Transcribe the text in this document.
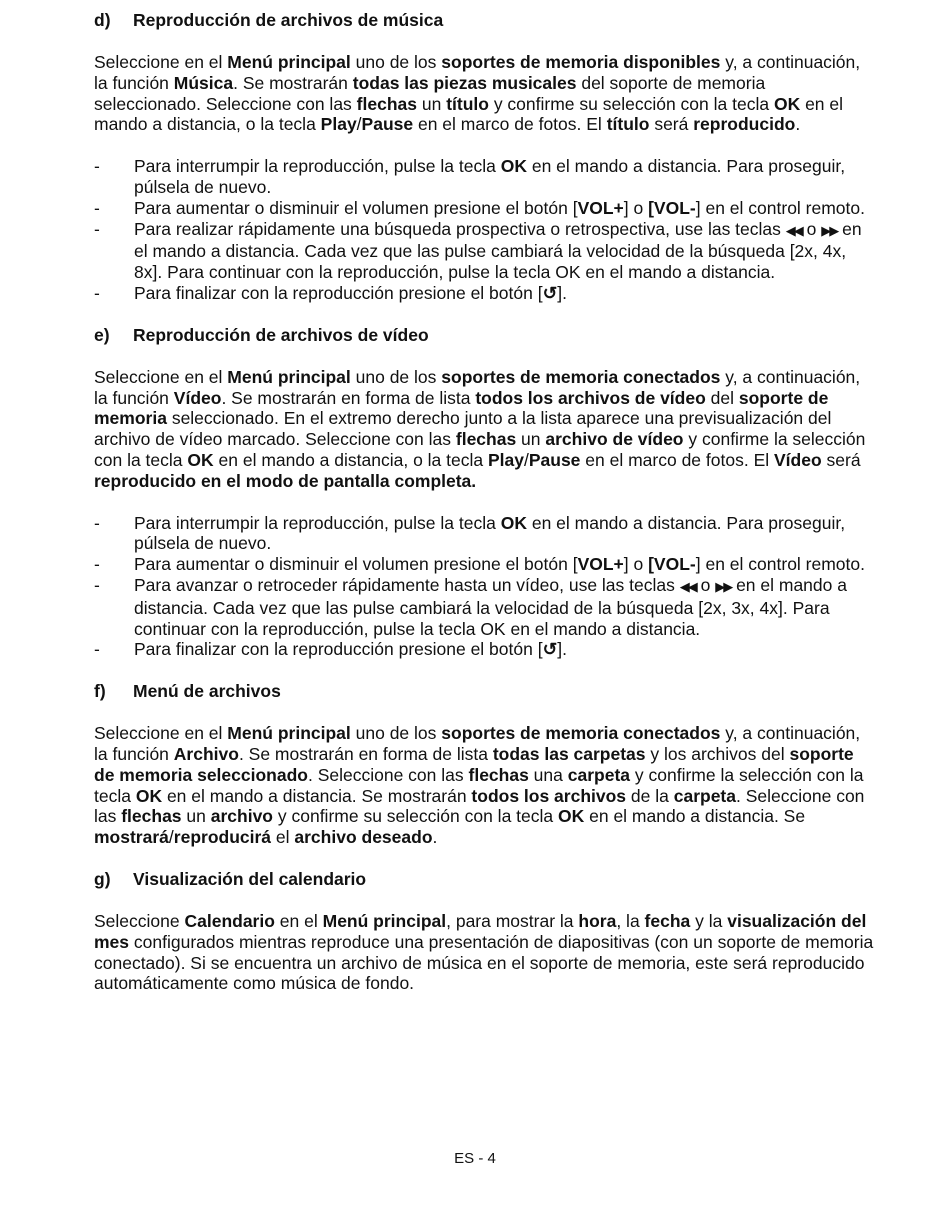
d)	Reproducción de archivos de música

Seleccione en el Menú principal uno de los soportes de memoria disponibles y, a continuación, la función Música. Se mostrarán todas las piezas musicales del soporte de memoria seleccionado. Seleccione con las flechas un título y confirme su selección con la tecla OK en el mando a distancia, o la tecla Play/Pause en el marco de fotos. El título será reproducido.

-	Para interrumpir la reproducción, pulse la tecla OK en el mando a distancia. Para proseguir, púlsela de nuevo.
-	Para aumentar o disminuir el volumen presione el botón [VOL+] o [VOL-] en el control remoto.
-	Para realizar rápidamente una búsqueda prospectiva o retrospectiva, use las teclas ◀◀ o ▶▶ en el mando a distancia. Cada vez que las pulse cambiará la velocidad de la búsqueda [2x, 4x, 8x]. Para continuar con la reproducción, pulse la tecla OK en el mando a distancia.
-	Para finalizar con la reproducción presione el botón [↺].
e)	Reproducción de archivos de vídeo

Seleccione en el Menú principal uno de los soportes de memoria conectados y, a continuación, la función Vídeo. Se mostrarán en forma de lista todos los archivos de vídeo del soporte de memoria seleccionado. En el extremo derecho junto a la lista aparece una previsualización del archivo de vídeo marcado. Seleccione con las flechas un archivo de vídeo y confirme la selección con la tecla OK en el mando a distancia, o la tecla Play/Pause en el marco de fotos. El Vídeo será reproducido en el modo de pantalla completa.

-	Para interrumpir la reproducción, pulse la tecla OK en el mando a distancia. Para proseguir, púlsela de nuevo.
-	Para aumentar o disminuir el volumen presione el botón [VOL+] o [VOL-] en el control remoto.
-	Para avanzar o retroceder rápidamente hasta un vídeo, use las teclas ◀◀ o ▶▶ en el mando a distancia. Cada vez que las pulse cambiará la velocidad de la búsqueda [2x, 3x, 4x]. Para continuar con la reproducción, pulse la tecla OK en el mando a distancia.
-	Para finalizar con la reproducción presione el botón [↺].
f)	Menú de archivos

Seleccione en el Menú principal uno de los soportes de memoria conectados y, a continuación, la función Archivo. Se mostrarán en forma de lista todas las carpetas y los archivos del soporte de memoria seleccionado. Seleccione con las flechas una carpeta y confirme la selección con la tecla OK en el mando a distancia. Se mostrarán todos los archivos de la carpeta. Seleccione con las flechas un archivo y confirme su selección con la tecla OK en el mando a distancia. Se mostrará/reproducirá el archivo deseado.

g)	Visualización del calendario

Seleccione Calendario en el Menú principal, para mostrar la hora, la fecha y la visualización del mes configurados mientras reproduce una presentación de diapositivas (con un soporte de memoria conectado). Si se encuentra un archivo de música en el soporte de memoria, este será reproducido automáticamente como música de fondo.

ES - 4
